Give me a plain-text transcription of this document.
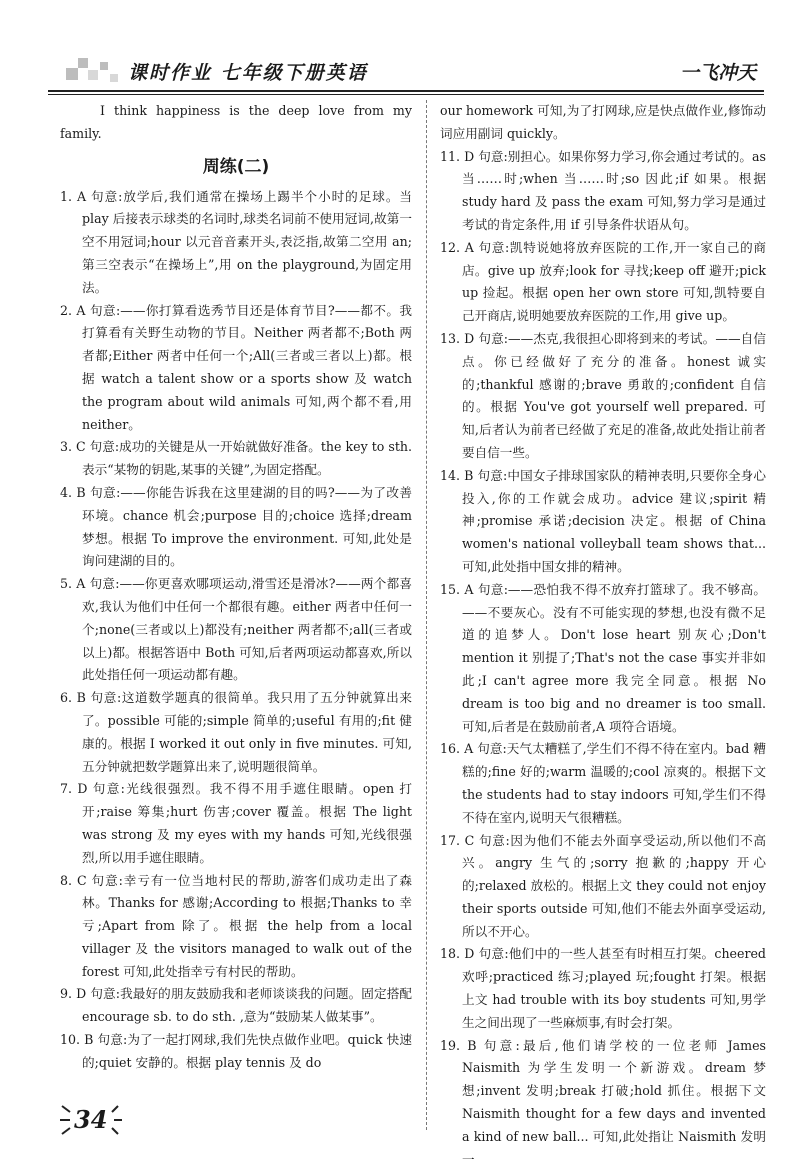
课时作业 七年级下册英语	一飞冲天

I think happiness is the deep love from my family.

周练(二)

1. A 句意:放学后,我们通常在操场上踢半个小时的足球。当 play 后接表示球类的名词时,球类名词前不使用冠词,故第一空不用冠词;hour 以元音音素开头,表泛指,故第二空用 an;第三空表示“在操场上”,用 on the playground,为固定用法。

2. A 句意:——你打算看选秀节目还是体育节目?——都不。我打算看有关野生动物的节目。Neither 两者都不;Both 两者都;Either 两者中任何一个;All(三者或三者以上)都。根据 watch a talent show or a sports show 及 watch the program about wild animals 可知,两个都不看,用 neither。

3. C 句意:成功的关键是从一开始就做好准备。the key to sth. 表示“某物的钥匙,某事的关键”,为固定搭配。

4. B 句意:——你能告诉我在这里建湖的目的吗?——为了改善环境。chance 机会;purpose 目的;choice 选择;dream 梦想。根据 To improve the environment. 可知,此处是询问建湖的目的。

5. A 句意:——你更喜欢哪项运动,滑雪还是滑冰?——两个都喜欢,我认为他们中任何一个都很有趣。either 两者中任何一个;none(三者或以上)都没有;neither 两者都不;all(三者或以上)都。根据答语中 Both 可知,后者两项运动都喜欢,所以此处指任何一项运动都有趣。

6. B 句意:这道数学题真的很简单。我只用了五分钟就算出来了。possible 可能的;simple 简单的;useful 有用的;fit 健康的。根据 I worked it out only in five minutes. 可知,五分钟就把数学题算出来了,说明题很简单。

7. D 句意:光线很强烈。我不得不用手遮住眼睛。open 打开;raise 筹集;hurt 伤害;cover 覆盖。根据 The light was strong 及 my eyes with my hands 可知,光线很强烈,所以用手遮住眼睛。

8. C 句意:幸亏有一位当地村民的帮助,游客们成功走出了森林。Thanks for 感谢;According to 根据;Thanks to 幸亏;Apart from 除了。根据 the help from a local villager 及 the visitors managed to walk out of the forest 可知,此处指幸亏有村民的帮助。

9. D 句意:我最好的朋友鼓励我和老师谈谈我的问题。固定搭配 encourage sb. to do sth. ,意为“鼓励某人做某事”。

10. B 句意:为了一起打网球,我们先快点做作业吧。quick 快速的;quiet 安静的。根据 play tennis 及 do

our homework 可知,为了打网球,应是快点做作业,修饰动词应用副词 quickly。

11. D 句意:别担心。如果你努力学习,你会通过考试的。as 当……时;when 当……时;so 因此;if 如果。根据 study hard 及 pass the exam 可知,努力学习是通过考试的肯定条件,用 if 引导条件状语从句。

12. A 句意:凯特说她将放弃医院的工作,开一家自己的商店。give up 放弃;look for 寻找;keep off 避开;pick up 捡起。根据 open her own store 可知,凯特要自己开商店,说明她要放弃医院的工作,用 give up。

13. D 句意:——杰克,我很担心即将到来的考试。——自信点。你已经做好了充分的准备。honest 诚实的;thankful 感谢的;brave 勇敢的;confident 自信的。根据 You've got yourself well prepared. 可知,后者认为前者已经做了充足的准备,故此处指让前者要自信一些。

14. B 句意:中国女子排球国家队的精神表明,只要你全身心投入,你的工作就会成功。advice 建议;spirit 精神;promise 承诺;decision 决定。根据 of China women's national volleyball team shows that... 可知,此处指中国女排的精神。

15. A 句意:——恐怕我不得不放弃打篮球了。我不够高。——不要灰心。没有不可能实现的梦想,也没有微不足道的追梦人。Don't lose heart 别灰心;Don't mention it 别提了;That's not the case 事实并非如此;I can't agree more 我完全同意。根据 No dream is too big and no dreamer is too small. 可知,后者是在鼓励前者,A 项符合语境。

16. A 句意:天气太糟糕了,学生们不得不待在室内。bad 糟糕的;fine 好的;warm 温暖的;cool 凉爽的。根据下文 the students had to stay indoors 可知,学生们不得不待在室内,说明天气很糟糕。

17. C 句意:因为他们不能去外面享受运动,所以他们不高兴。angry 生气的;sorry 抱歉的;happy 开心的;relaxed 放松的。根据上文 they could not enjoy their sports outside 可知,他们不能去外面享受运动,所以不开心。

18. D 句意:他们中的一些人甚至有时相互打架。cheered 欢呼;practiced 练习;played 玩;fought 打架。根据上文 had trouble with its boy students 可知,男学生之间出现了一些麻烦事,有时会打架。

19. B 句意:最后,他们请学校的一位老师 James Naismith 为学生发明一个新游戏。dream 梦想;invent 发明;break 打破;hold 抓住。根据下文 Naismith thought for a few days and invented a kind of new ball... 可知,此处指让 Naismith 发明一

34
